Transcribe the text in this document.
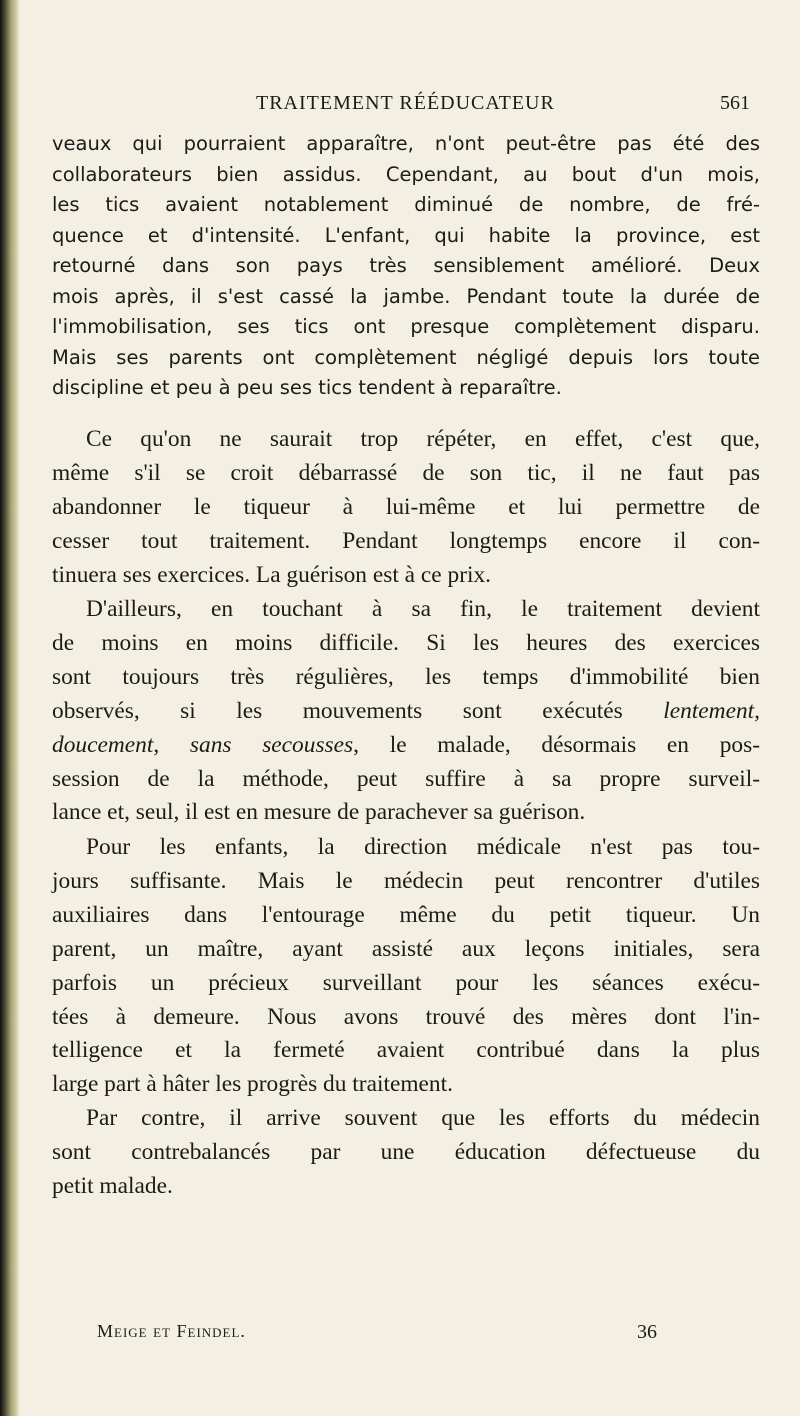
TRAITEMENT RÉÉDUCATEUR	561
veaux qui pourraient apparaître, n'ont peut-être pas été des
collaborateurs bien assidus. Cependant, au bout d'un mois,
les tics avaient notablement diminué de nombre, de fré-
quence et d'intensité. L'enfant, qui habite la province, est
retourné dans son pays très sensiblement amélioré. Deux
mois après, il s'est cassé la jambe. Pendant toute la durée de
l'immobilisation, ses tics ont presque complètement disparu.
Mais ses parents ont complètement négligé depuis lors toute
discipline et peu à peu ses tics tendent à reparaître.
Ce qu'on ne saurait trop répéter, en effet, c'est que,
même s'il se croit débarrassé de son tic, il ne faut pas
abandonner le tiqueur à lui-même et lui permettre de
cesser tout traitement. Pendant longtemps encore il con-
tinuera ses exercices. La guérison est à ce prix.
D'ailleurs, en touchant à sa fin, le traitement devient
de moins en moins difficile. Si les heures des exercices
sont toujours très régulières, les temps d'immobilité bien
observés, si les mouvements sont exécutés lentement,
doucement, sans secousses, le malade, désormais en pos-
session de la méthode, peut suffire à sa propre surveil-
lance et, seul, il est en mesure de parachever sa guérison.
Pour les enfants, la direction médicale n'est pas tou-
jours suffisante. Mais le médecin peut rencontrer d'utiles
auxiliaires dans l'entourage même du petit tiqueur. Un
parent, un maître, ayant assisté aux leçons initiales, sera
parfois un précieux surveillant pour les séances exécu-
tées à demeure. Nous avons trouvé des mères dont l'in-
telligence et la fermeté avaient contribué dans la plus
large part à hâter les progrès du traitement.
Par contre, il arrive souvent que les efforts du médecin
sont contrebalancés par une éducation défectueuse du
petit malade.
Meige et Feindel.	36
